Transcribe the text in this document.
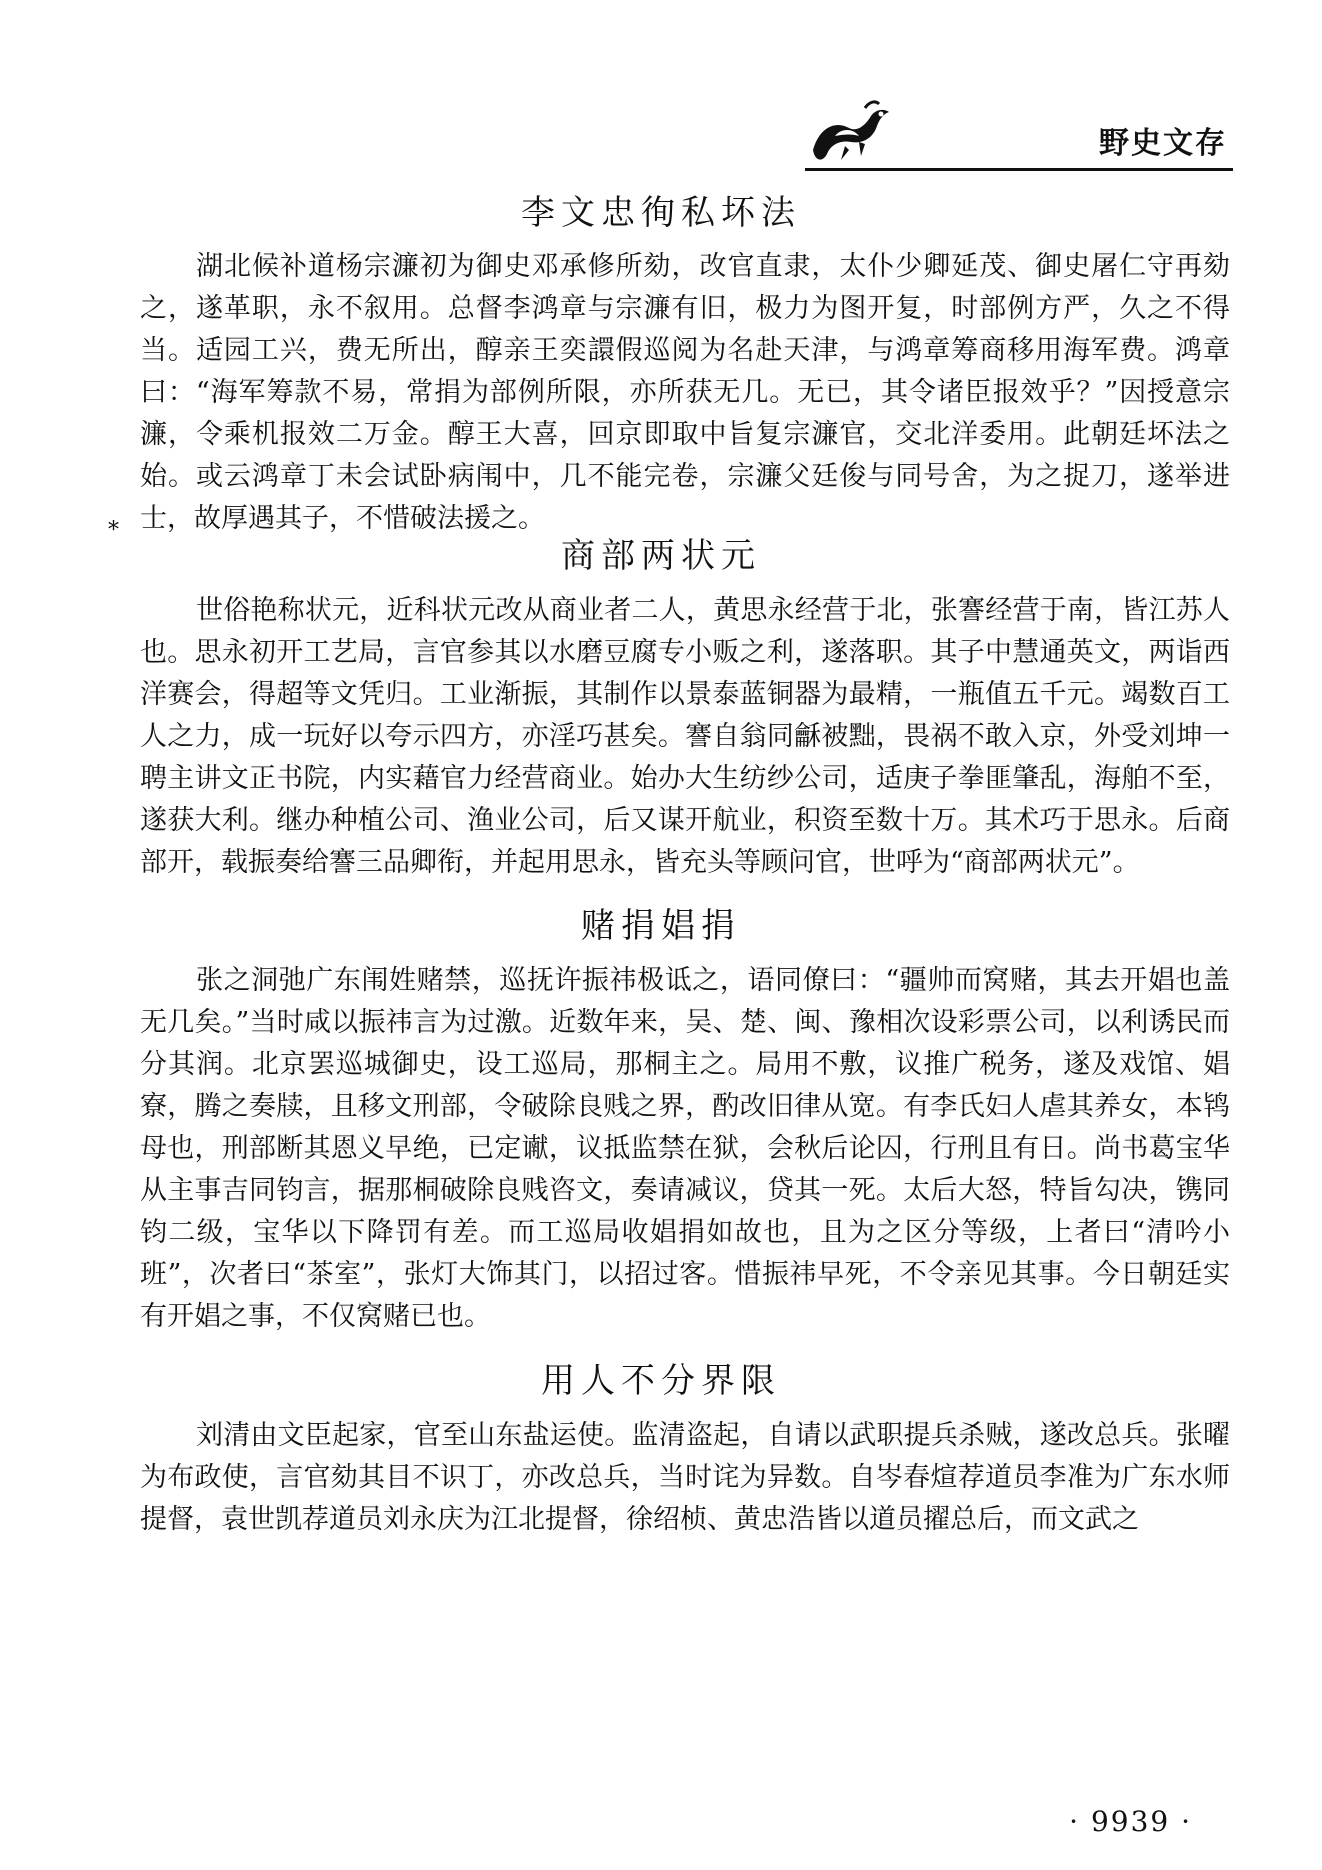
野史文存
李文忠徇私坏法

湖北候补道杨宗濂初为御史邓承修所劾，改官直隶，太仆少卿延茂、御史屠仁守再劾之，遂革职，永不叙用。总督李鸿章与宗濂有旧，极力为图开复，时部例方严，久之不得当。适园工兴，费无所出，醇亲王奕譞假巡阅为名赴天津，与鸿章筹商移用海军费。鸿章曰：“海军筹款不易，常捐为部例所限，亦所获无几。无已，其令诸臣报效乎？”因授意宗濂，令乘机报效二万金。醇王大喜，回京即取中旨复宗濂官，交北洋委用。此朝廷坏法之始。或云鸿章丁未会试卧病闱中，几不能完卷，宗濂父廷俊与同号舍，为之捉刀，遂举进士，故厚遇其子，不惜破法援之。

*
商部两状元

世俗艳称状元，近科状元改从商业者二人，黄思永经营于北，张謇经营于南，皆江苏人也。思永初开工艺局，言官参其以水磨豆腐专小贩之利，遂落职。其子中慧通英文，两诣西洋赛会，得超等文凭归。工业渐振，其制作以景泰蓝铜器为最精，一瓶值五千元。竭数百工人之力，成一玩好以夸示四方，亦淫巧甚矣。謇自翁同龢被黜，畏祸不敢入京，外受刘坤一聘主讲文正书院，内实藉官力经营商业。始办大生纺纱公司，适庚子拳匪肇乱，海舶不至，遂获大利。继办种植公司、渔业公司，后又谋开航业，积资至数十万。其术巧于思永。后商部开，载振奏给謇三品卿衔，并起用思永，皆充头等顾问官，世呼为“商部两状元”。

赌捐娼捐

张之洞弛广东闱姓赌禁，巡抚许振祎极诋之，语同僚曰：“疆帅而窝赌，其去开娼也盖无几矣。”当时咸以振祎言为过激。近数年来，吴、楚、闽、豫相次设彩票公司，以利诱民而分其润。北京罢巡城御史，设工巡局，那桐主之。局用不敷，议推广税务，遂及戏馆、娼寮，腾之奏牍，且移文刑部，令破除良贱之界，酌改旧律从宽。有李氏妇人虐其养女，本鸨母也，刑部断其恩义早绝，已定谳，议抵监禁在狱，会秋后论囚，行刑且有日。尚书葛宝华从主事吉同钧言，据那桐破除良贱咨文，奏请减议，贷其一死。太后大怒，特旨勾决，镌同钧二级，宝华以下降罚有差。而工巡局收娼捐如故也，且为之区分等级，上者曰“清吟小班”，次者曰“茶室”，张灯大饰其门，以招过客。惜振祎早死，不令亲见其事。今日朝廷实有开娼之事，不仅窝赌已也。

用人不分界限

刘清由文臣起家，官至山东盐运使。监清盗起，自请以武职提兵杀贼，遂改总兵。张曜为布政使，言官劾其目不识丁，亦改总兵，当时诧为异数。自岑春煊荐道员李准为广东水师提督，袁世凯荐道员刘永庆为江北提督，徐绍桢、黄忠浩皆以道员擢总后，而文武之

· 9939 ·
